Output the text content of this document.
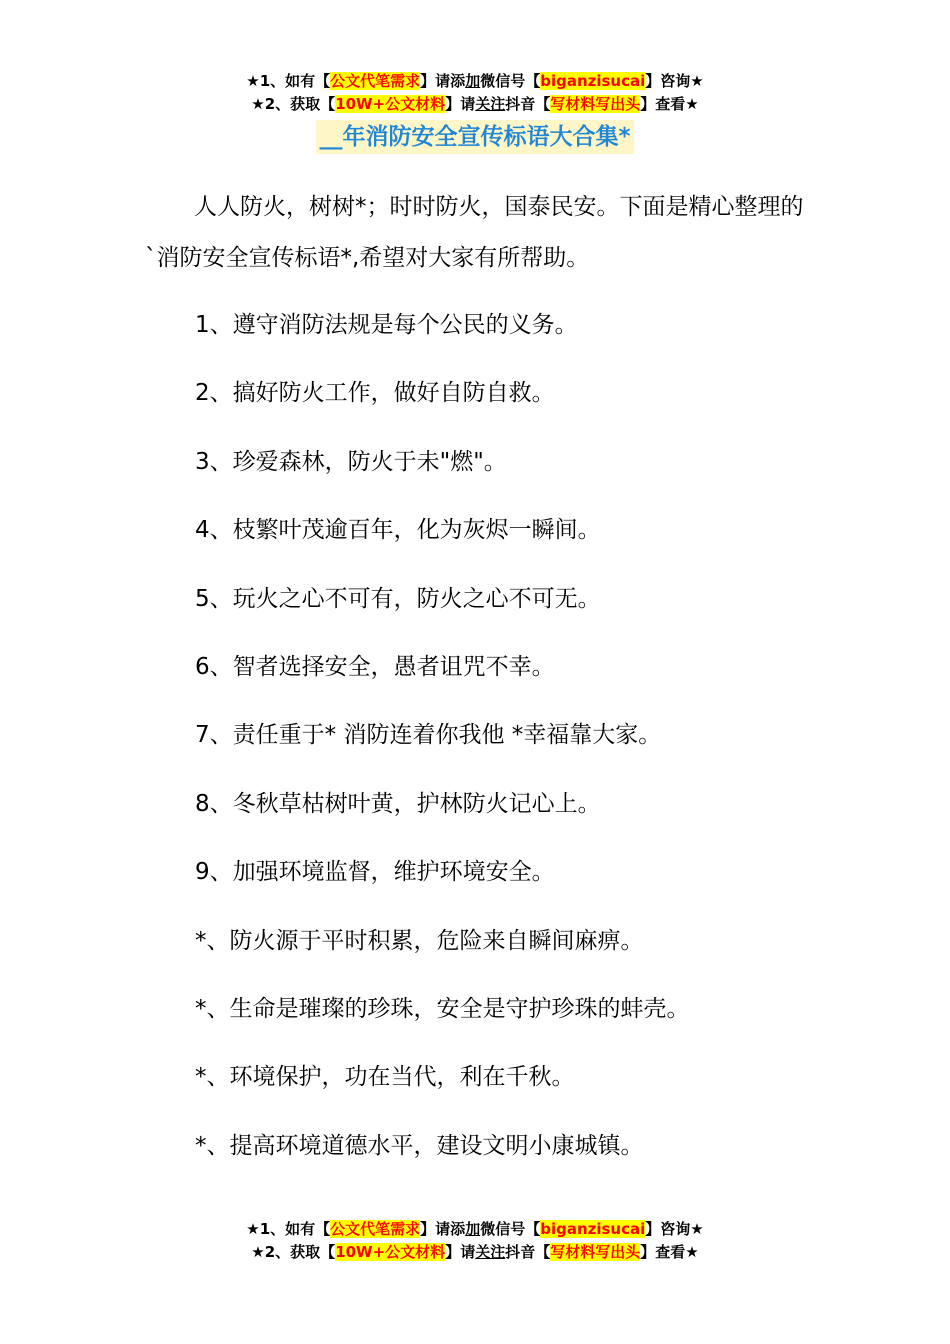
★1、如有【公文代笔需求】请添加微信号【biganzisucai】咨询★
★2、获取【10W+公文材料】请关注抖音【写材料写出头】查看★
__年消防安全宣传标语大合集*

人人防火，树树*；时时防火，国泰民安。下面是精心整理的`消防安全宣传标语*,希望对大家有所帮助。

1、遵守消防法规是每个公民的义务。
2、搞好防火工作，做好自防自救。
3、珍爱森林，防火于未"燃"。
4、枝繁叶茂逾百年，化为灰烬一瞬间。
5、玩火之心不可有，防火之心不可无。
6、智者选择安全，愚者诅咒不幸。
7、责任重于* 消防连着你我他 *幸福靠大家。
8、冬秋草枯树叶黄，护林防火记心上。
9、加强环境监督，维护环境安全。
*、防火源于平时积累，危险来自瞬间麻痹。
*、生命是璀璨的珍珠，安全是守护珍珠的蚌壳。
*、环境保护，功在当代，利在千秋。
*、提高环境道德水平，建设文明小康城镇。
★1、如有【公文代笔需求】请添加微信号【biganzisucai】咨询★
★2、获取【10W+公文材料】请关注抖音【写材料写出头】查看★
